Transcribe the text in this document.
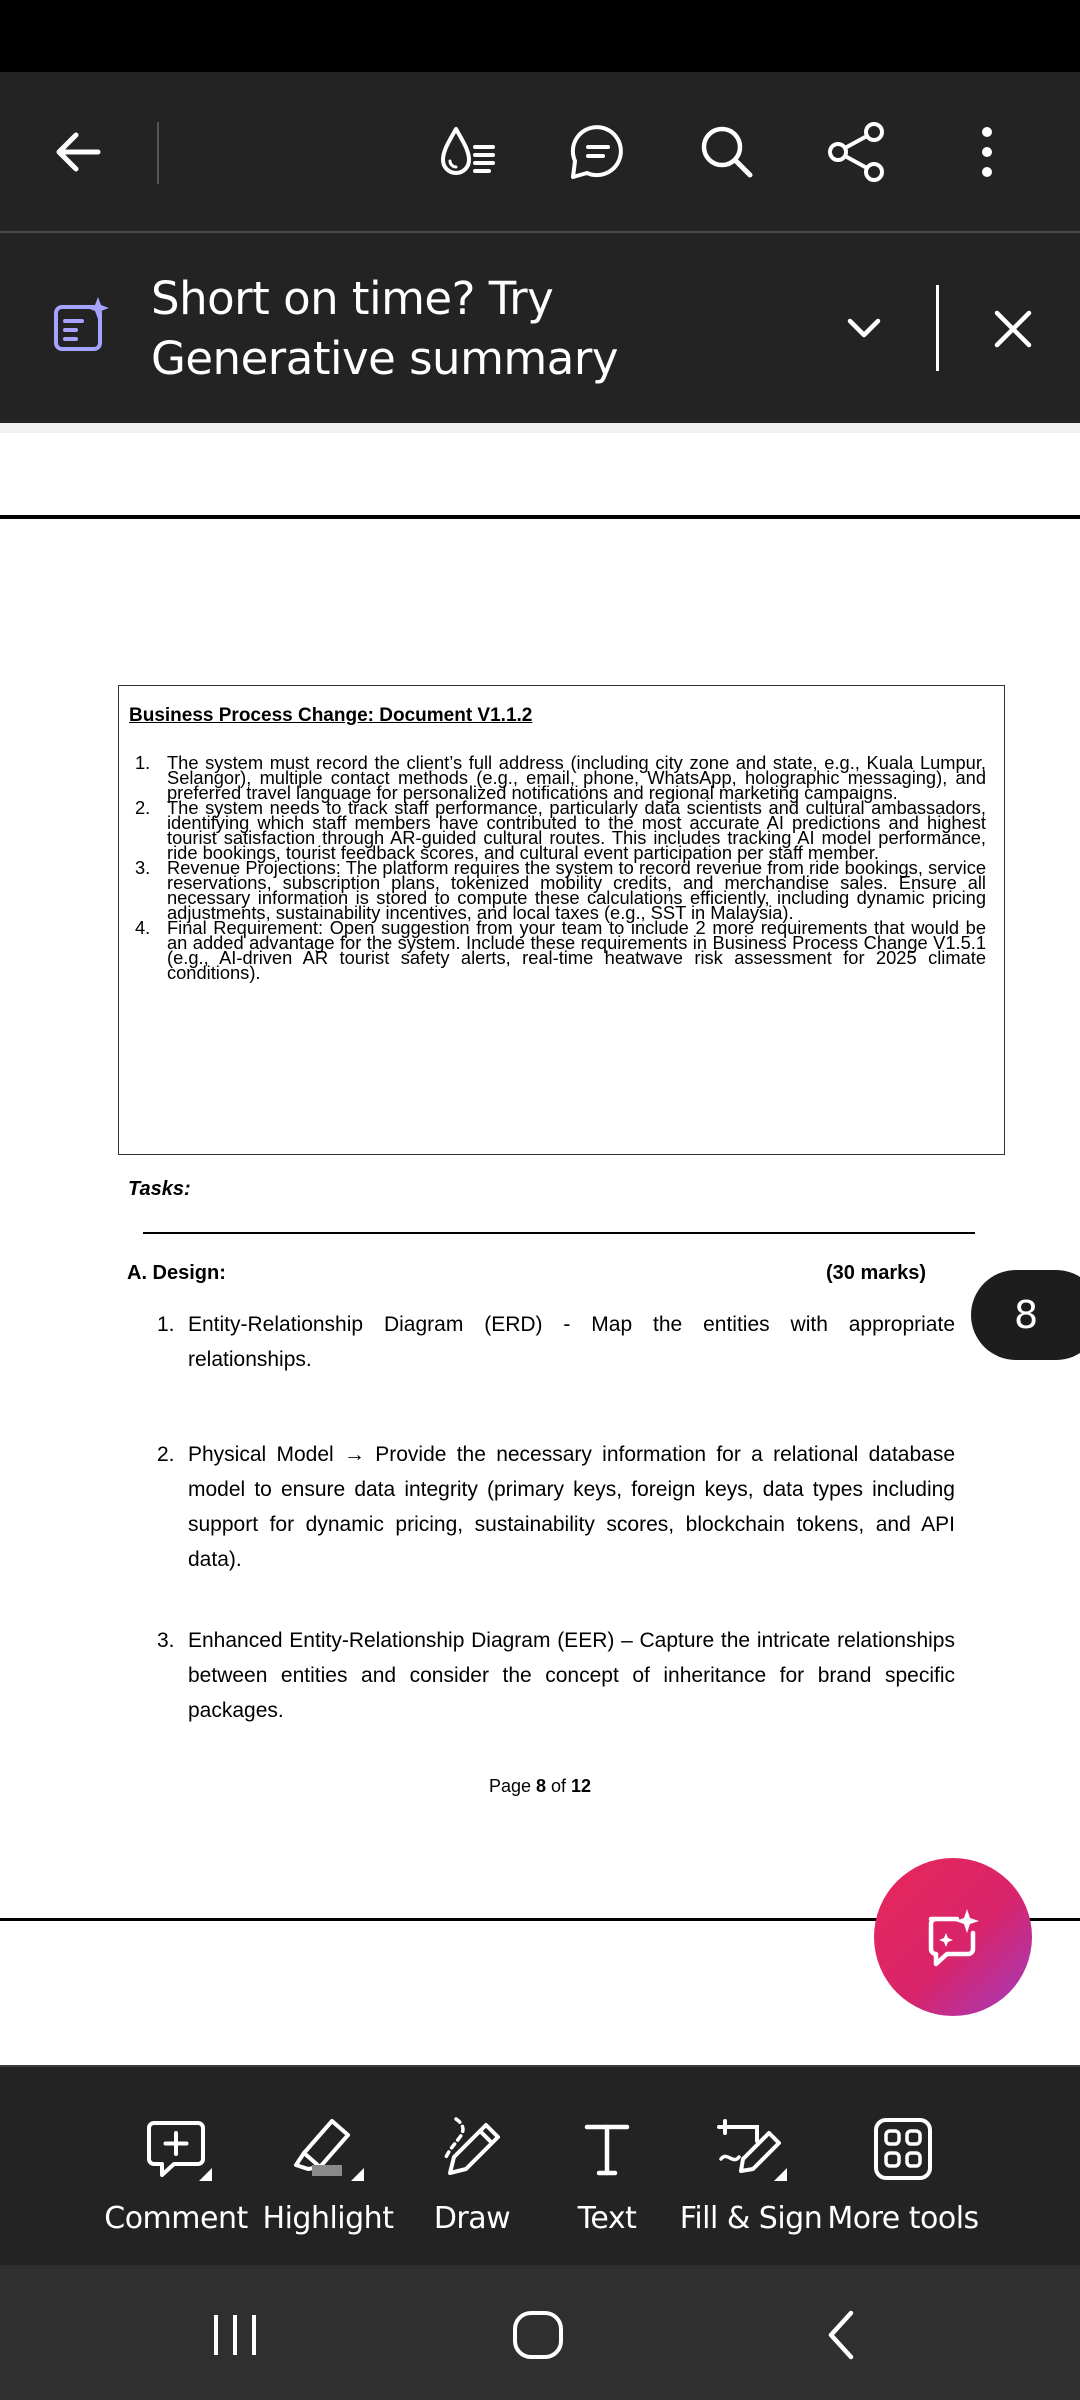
Short on time? Try Generative summary
Business Process Change: Document V1.1.2
1. The system must record the client’s full address (including city zone and state, e.g., Kuala Lumpur, Selangor), multiple contact methods (e.g., email, phone, WhatsApp, holographic messaging), and preferred travel language for personalized notifications and regional marketing campaigns.
2. The system needs to track staff performance, particularly data scientists and cultural ambassadors, identifying which staff members have contributed to the most accurate AI predictions and highest tourist satisfaction through AR-guided cultural routes. This includes tracking AI model performance, ride bookings, tourist feedback scores, and cultural event participation per staff member.
3. Revenue Projections: The platform requires the system to record revenue from ride bookings, service reservations, subscription plans, tokenized mobility credits, and merchandise sales. Ensure all necessary information is stored to compute these calculations efficiently, including dynamic pricing adjustments, sustainability incentives, and local taxes (e.g., SST in Malaysia).
4. Final Requirement: Open suggestion from your team to include 2 more requirements that would be an added advantage for the system. Include these requirements in Business Process Change V1.5.1 (e.g., AI-driven AR tourist safety alerts, real-time heatwave risk assessment for 2025 climate conditions).
Tasks:
A. Design:	(30 marks)
1. Entity-Relationship Diagram (ERD) - Map the entities with appropriate relationships.
2. Physical Model → Provide the necessary information for a relational database model to ensure data integrity (primary keys, foreign keys, data types including support for dynamic pricing, sustainability scores, blockchain tokens, and API data).
3. Enhanced Entity-Relationship Diagram (EER) – Capture the intricate relationships between entities and consider the concept of inheritance for brand specific packages.
Page 8 of 12
8
Comment Highlight Draw Text Fill & Sign More tools
